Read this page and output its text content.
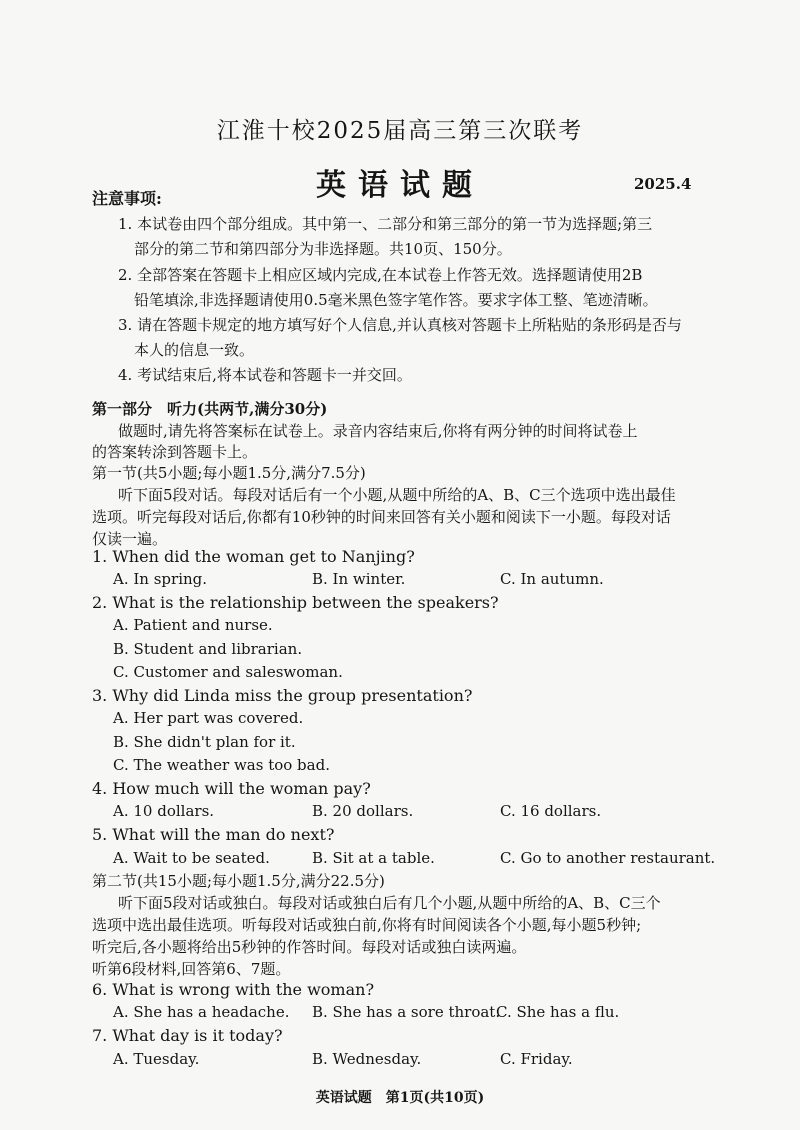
江淮十校2025届高三第三次联考
英语试题	2025.4
注意事项:
1. 本试卷由四个部分组成。其中第一、二部分和第三部分的第一节为选择题;第三
部分的第二节和第四部分为非选择题。共10页、150分。
2. 全部答案在答题卡上相应区域内完成,在本试卷上作答无效。选择题请使用2B
铅笔填涂,非选择题请使用0.5毫米黑色签字笔作答。要求字体工整、笔迹清晰。
3. 请在答题卡规定的地方填写好个人信息,并认真核对答题卡上所粘贴的条形码是否与
本人的信息一致。
4. 考试结束后,将本试卷和答题卡一并交回。
第一部分　听力(共两节,满分30分)
做题时,请先将答案标在试卷上。录音内容结束后,你将有两分钟的时间将试卷上
的答案转涂到答题卡上。
第一节(共5小题;每小题1.5分,满分7.5分)
听下面5段对话。每段对话后有一个小题,从题中所给的A、B、C三个选项中选出最佳
选项。听完每段对话后,你都有10秒钟的时间来回答有关小题和阅读下一小题。每段对话
仅读一遍。
1. When did the woman get to Nanjing?
A. In spring.	B. In winter.	C. In autumn.
2. What is the relationship between the speakers?
A. Patient and nurse.
B. Student and librarian.
C. Customer and saleswoman.
3. Why did Linda miss the group presentation?
A. Her part was covered.
B. She didn't plan for it.
C. The weather was too bad.
4. How much will the woman pay?
A. 10 dollars.	B. 20 dollars.	C. 16 dollars.
5. What will the man do next?
A. Wait to be seated.	B. Sit at a table.	C. Go to another restaurant.
第二节(共15小题;每小题1.5分,满分22.5分)
听下面5段对话或独白。每段对话或独白后有几个小题,从题中所给的A、B、C三个
选项中选出最佳选项。听每段对话或独白前,你将有时间阅读各个小题,每小题5秒钟;
听完后,各小题将给出5秒钟的作答时间。每段对话或独白读两遍。
听第6段材料,回答第6、7题。
6. What is wrong with the woman?
A. She has a headache. B. She has a sore throat.
C. She has a flu.
7. What day is it today?
A. Tuesday.	B. Wednesday.	C. Friday.
英语试题　第1页(共10页)
